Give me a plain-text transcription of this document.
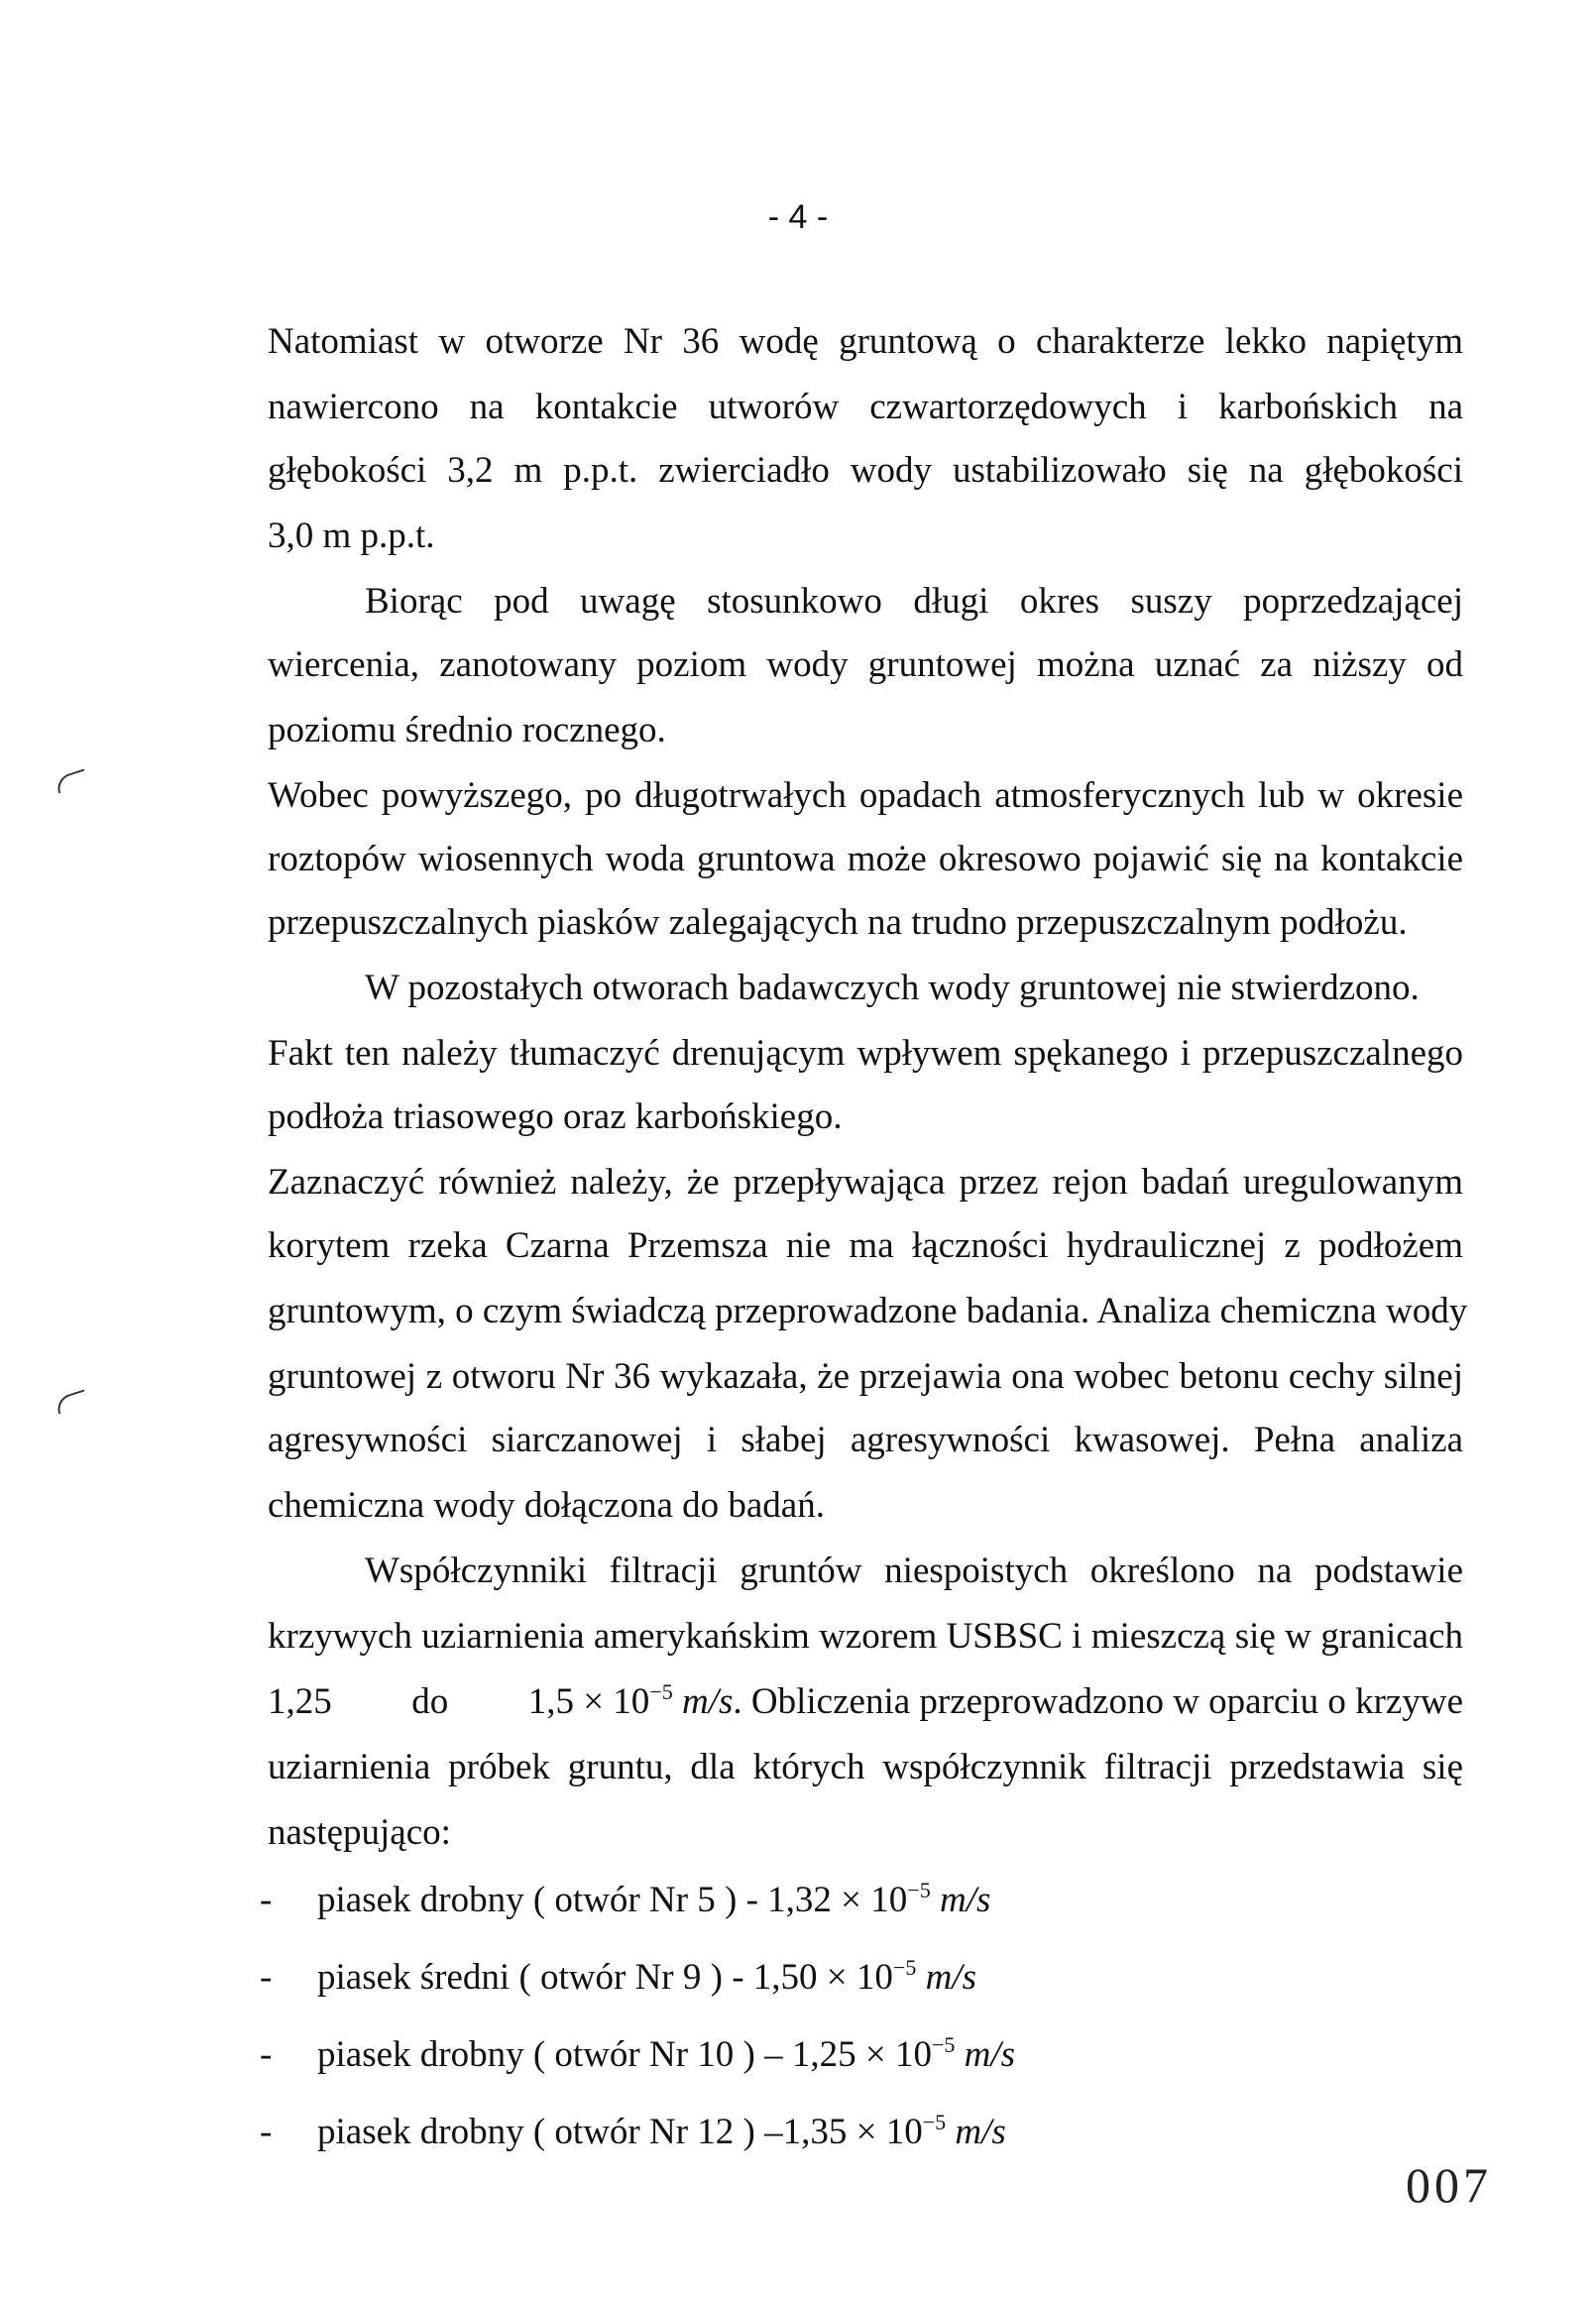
- 4 -
Natomiast w otworze Nr 36 wodę gruntową o charakterze lekko napiętym
nawiercono na kontakcie utworów czwartorzędowych i karbońskich na
głębokości 3,2 m p.p.t. zwierciadło wody ustabilizowało się na głębokości
3,0 m p.p.t.
Biorąc pod uwagę stosunkowo długi okres suszy poprzedzającej
wiercenia, zanotowany poziom wody gruntowej można uznać za niższy od
poziomu średnio rocznego.
Wobec powyższego, po długotrwałych opadach atmosferycznych lub w okresie
roztopów wiosennych woda gruntowa może okresowo pojawić się na kontakcie
przepuszczalnych piasków zalegających na trudno przepuszczalnym podłożu.
W pozostałych otworach badawczych wody gruntowej nie stwierdzono.
Fakt ten należy tłumaczyć drenującym wpływem spękanego i przepuszczalnego
podłoża triasowego oraz karbońskiego.
Zaznaczyć również należy, że przepływająca przez rejon badań uregulowanym
korytem rzeka Czarna Przemsza nie ma łączności hydraulicznej z podłożem
gruntowym, o czym świadczą przeprowadzone badania. Analiza chemiczna wody
gruntowej z otworu Nr 36 wykazała, że przejawia ona wobec betonu cechy silnej
agresywności siarczanowej i słabej agresywności kwasowej. Pełna analiza
chemiczna wody dołączona do badań.
Współczynniki filtracji gruntów niespoistych określono na podstawie
krzywych uziarnienia amerykańskim wzorem USBSC i mieszczą się w granicach
1,25 do $1,5 \times 10^{-5}$ m/s. Obliczenia przeprowadzono w oparciu o krzywe
uziarnienia próbek gruntu, dla których współczynnik filtracji przedstawia się
następująco:
- piasek drobny ( otwór Nr 5 ) - $1,32 \times 10^{-5}$ m/s
- piasek średni ( otwór Nr 9 ) - $1,50 \times 10^{-5}$ m/s
- piasek drobny ( otwór Nr 10 ) – $1,25 \times 10^{-5}$ m/s
- piasek drobny ( otwór Nr 12 ) $-1,35 \times 10^{-5}$ m/s
007
